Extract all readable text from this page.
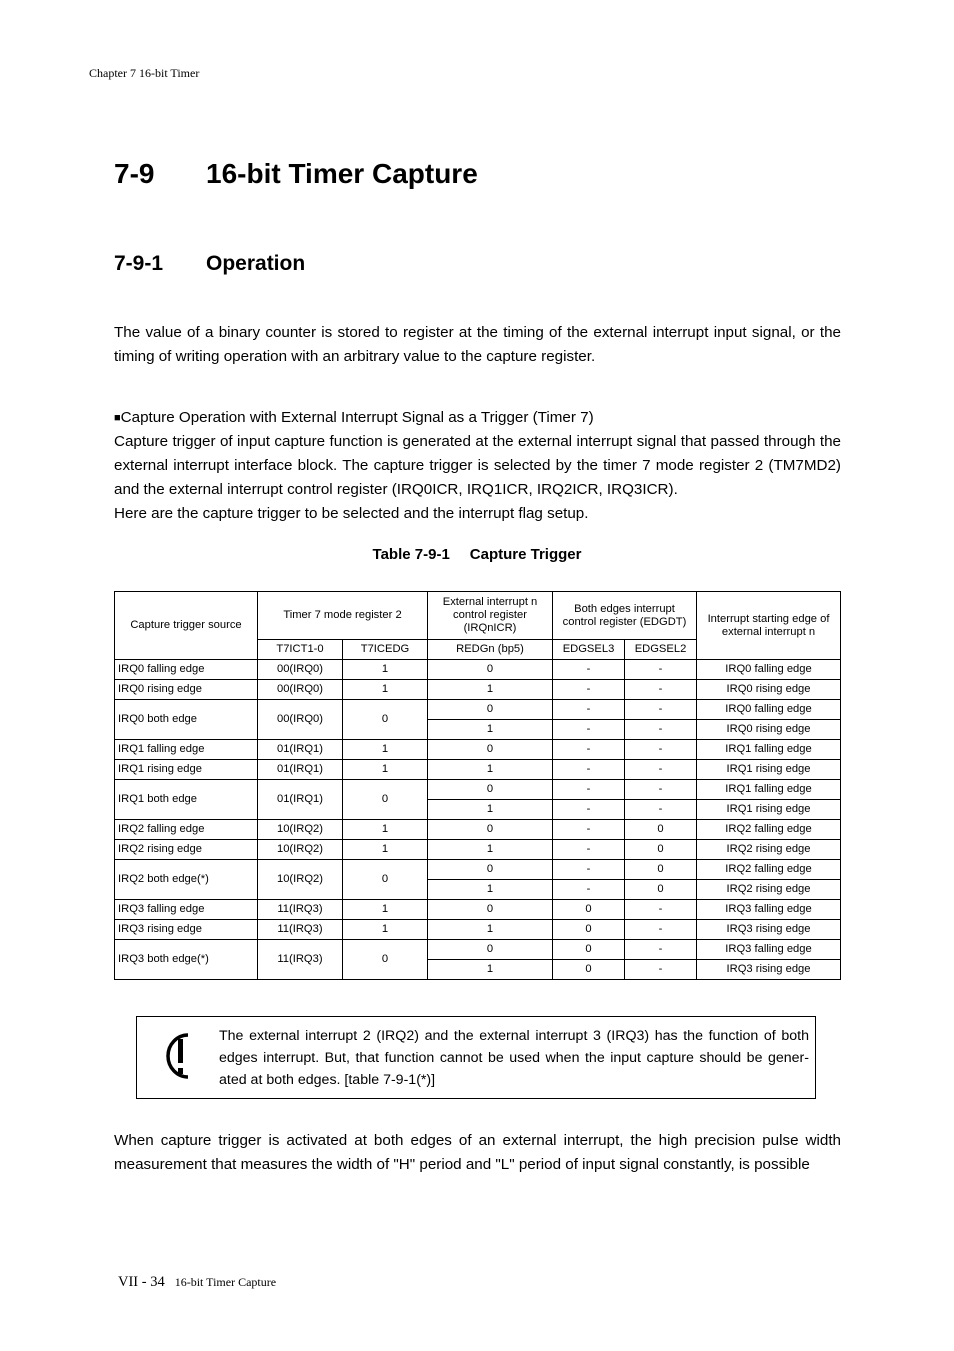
Chapter 7 16-bit Timer
7-9 16-bit Timer Capture
7-9-1 Operation

The value of a binary counter is stored to register at the timing of the external interrupt input signal, or the timing of writing operation with an arbitrary value to the capture register.

■Capture Operation with External Interrupt Signal as a Trigger (Timer 7)
Capture trigger of input capture function is generated at the external interrupt signal that passed through the external interrupt interface block. The capture trigger is selected by the timer 7 mode register 2 (TM7MD2) and the external interrupt control register (IRQ0ICR, IRQ1ICR, IRQ2ICR, IRQ3ICR).
Here are the capture trigger to be selected and the interrupt flag setup.
Table 7-9-1 Capture Trigger
Capture trigger source	Timer 7 mode register 2		External interrupt n control register (IRQnICR)	Both edges interrupt control register (EDGDT)		Interrupt starting edge of external interrupt n
	T7ICT1-0	T7ICEDG	REDGn (bp5)	EDGSEL3	EDGSEL2	
IRQ0 falling edge	00(IRQ0)	1	0	-	-	IRQ0 falling edge
IRQ0 rising edge	00(IRQ0)	1	1	-	-	IRQ0 rising edge
IRQ0 both edge	00(IRQ0)	0	0	-	-	IRQ0 falling edge
			1	-	-	IRQ0 rising edge
IRQ1 falling edge	01(IRQ1)	1	0	-	-	IRQ1 falling edge
IRQ1 rising edge	01(IRQ1)	1	1	-	-	IRQ1 rising edge
IRQ1 both edge	01(IRQ1)	0	0	-	-	IRQ1 falling edge
			1	-	-	IRQ1 rising edge
IRQ2 falling edge	10(IRQ2)	1	0	-	0	IRQ2 falling edge
IRQ2 rising edge	10(IRQ2)	1	1	-	0	IRQ2 rising edge
IRQ2 both edge(*)	10(IRQ2)	0	0	-	0	IRQ2 falling edge
			1	-	0	IRQ2 rising edge
IRQ3 falling edge	11(IRQ3)	1	0	0	-	IRQ3 falling edge
IRQ3 rising edge	11(IRQ3)	1	1	0	-	IRQ3 rising edge
IRQ3 both edge(*)	11(IRQ3)	0	0	0	-	IRQ3 falling edge
			1	0	-	IRQ3 rising edge

The external interrupt 2 (IRQ2) and the external interrupt 3 (IRQ3) has the function of both edges interrupt. But, that function cannot be used when the input capture should be gener-ated at both edges. [table 7-9-1(*)]

When capture trigger is activated at both edges of an external interrupt, the high precision pulse width measurement that measures the width of "H" period and "L" period of input signal constantly, is possible

VII - 34 16-bit Timer Capture
